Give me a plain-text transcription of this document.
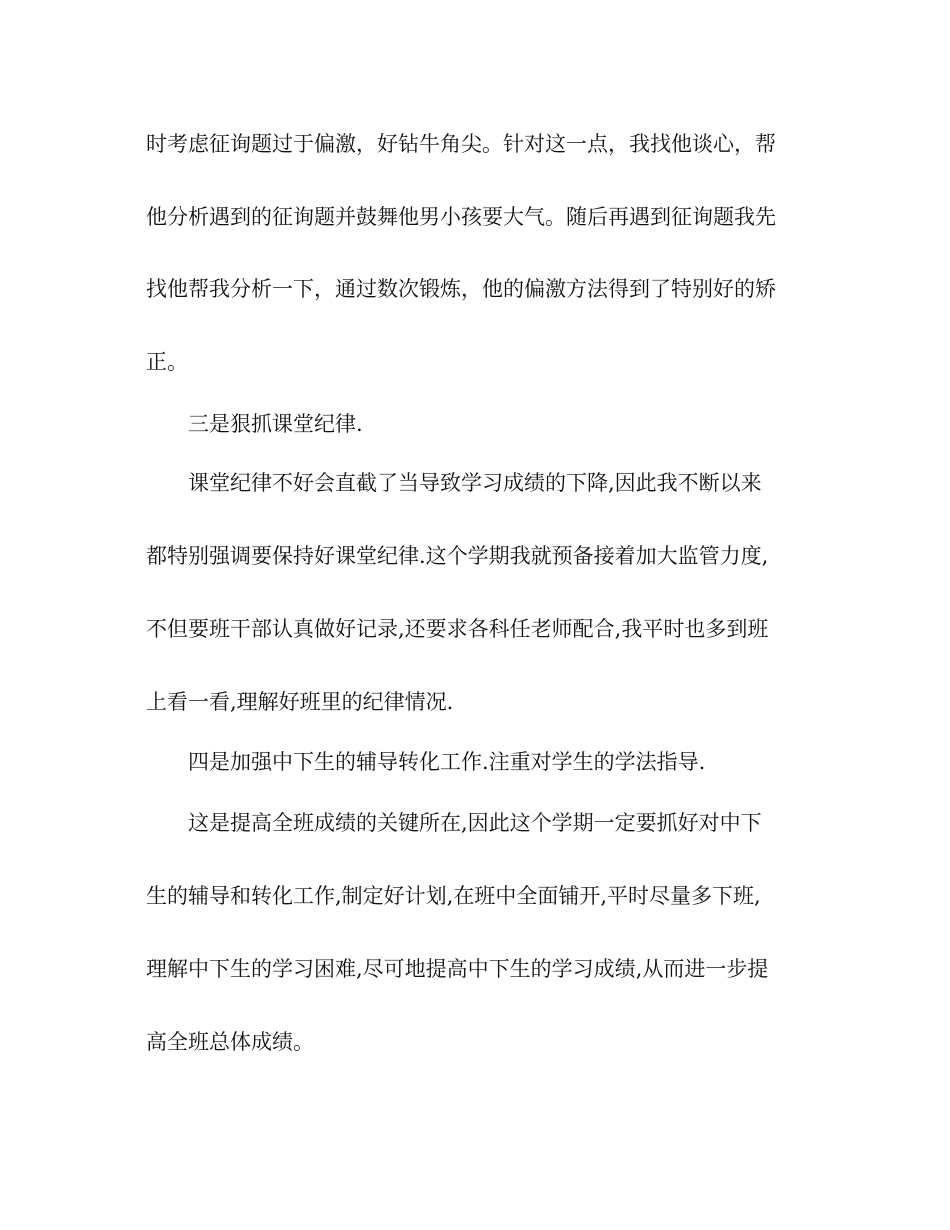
时考虑征询题过于偏激，好钻牛角尖。针对这一点，我找他谈心，帮
他分析遇到的征询题并鼓舞他男小孩要大气。随后再遇到征询题我先
找他帮我分析一下，通过数次锻炼，他的偏激方法得到了特别好的矫
正。
三是狠抓课堂纪律.
课堂纪律不好会直截了当导致学习成绩的下降,因此我不断以来
都特别强调要保持好课堂纪律.这个学期我就预备接着加大监管力度,
不但要班干部认真做好记录,还要求各科任老师配合,我平时也多到班
上看一看,理解好班里的纪律情况.
四是加强中下生的辅导转化工作.注重对学生的学法指导.
这是提高全班成绩的关键所在,因此这个学期一定要抓好对中下
生的辅导和转化工作,制定好计划,在班中全面铺开,平时尽量多下班,
理解中下生的学习困难,尽可地提高中下生的学习成绩,从而进一步提
高全班总体成绩。
